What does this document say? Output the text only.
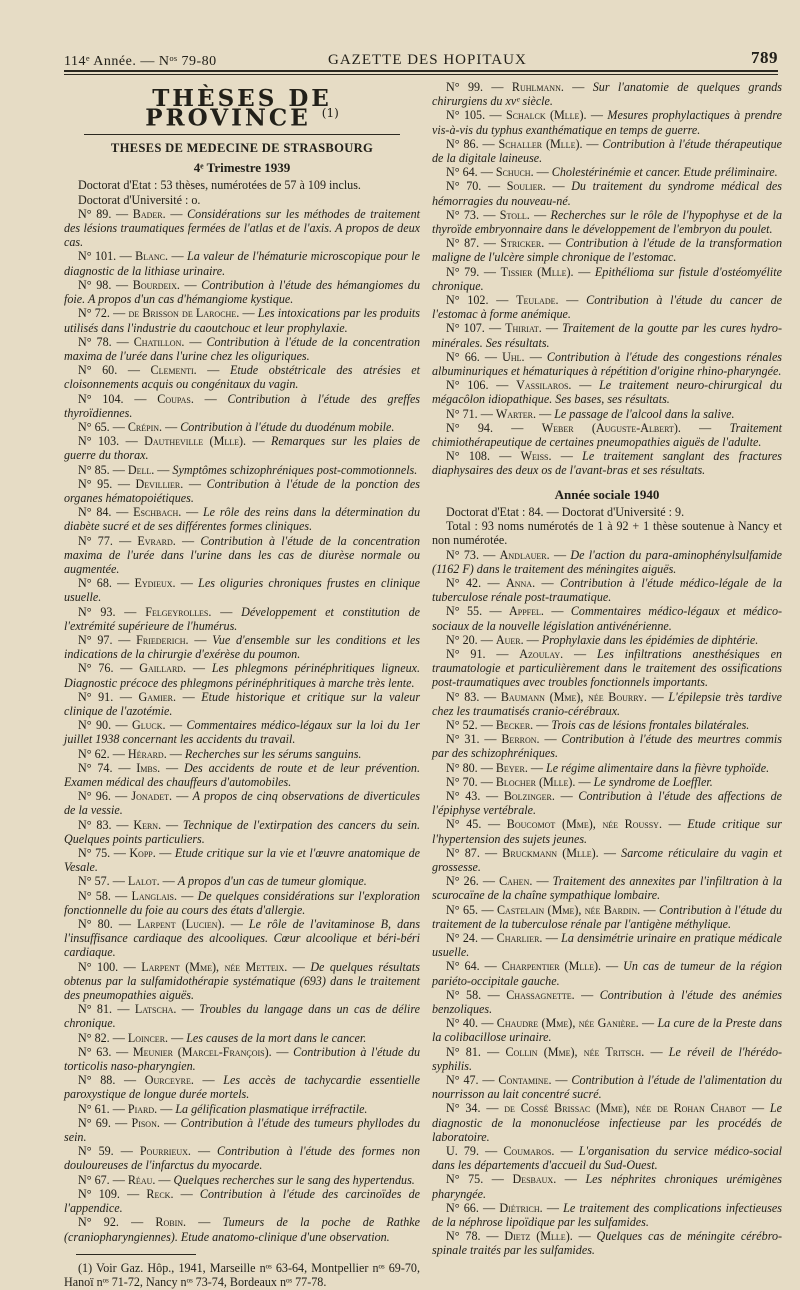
114ᵉ Année. — Nᵒˢ 79-80	GAZETTE DES HOPITAUX	789
THÈSES DE PROVINCE $^{(1)}$
THESES DE MEDECINE DE STRASBOURG
4ᵉ Trimestre 1939

Doctorat d'Etat : 53 thèses, numérotées de 57 à 109 inclus.

Doctorat d'Université : o.

N° 89. — Bader. — Considérations sur les méthodes de traitement des lésions traumatiques fermées de l'atlas et de l'axis. A propos de deux cas.

N° 101. — Blanc. — La valeur de l'hématurie microscopique pour le diagnostic de la lithiase urinaire.

N° 98. — Bourdeix. — Contribution à l'étude des hémangiomes du foie. A propos d'un cas d'hémangiome kystique.

N° 72. — de Brisson de Laroche. — Les intoxications par les produits utilisés dans l'industrie du caoutchouc et leur prophylaxie.

N° 78. — Chatillon. — Contribution à l'étude de la concentration maxima de l'urée dans l'urine chez les oliguriques.

N° 60. — Clementi. — Etude obstétricale des atrésies et cloisonnements acquis ou congénitaux du vagin.

N° 104. — Coupas. — Contribution à l'étude des greffes thyroïdiennes.

N° 65. — Crépin. — Contribution à l'étude du duodénum mobile.

N° 103. — Dautheville (Mlle). — Remarques sur les plaies de guerre du thorax.

N° 85. — Dell. — Symptômes schizophréniques post-commotionnels.

N° 95. — Devillier. — Contribution à l'étude de la ponction des organes hématopoiétiques.

N° 84. — Eschbach. — Le rôle des reins dans la détermination du diabète sucré et de ses différentes formes cliniques.

N° 77. — Evrard. — Contribution à l'étude de la concentration maxima de l'urée dans l'urine dans les cas de diurèse normale ou augmentée.

N° 68. — Eydieux. — Les oliguries chroniques frustes en clinique usuelle.

N° 93. — Felgeyrolles. — Développement et constitution de l'extrémité supérieure de l'humérus.

N° 97. — Friederich. — Vue d'ensemble sur les conditions et les indications de la chirurgie d'exérèse du poumon.

N° 76. — Gaillard. — Les phlegmons périnéphritiques ligneux. Diagnostic précoce des phlegmons périnéphritiques à marche très lente.

N° 91. — Gamier. — Etude historique et critique sur la valeur clinique de l'azotémie.

N° 90. — Gluck. — Commentaires médico-légaux sur la loi du 1er juillet 1938 concernant les accidents du travail.

N° 62. — Hérard. — Recherches sur les sérums sanguins.

N° 74. — Imbs. — Des accidents de route et de leur prévention. Examen médical des chauffeurs d'automobiles.

N° 96. — Jonadet. — A propos de cinq observations de diverticules de la vessie.

N° 83. — Kern. — Technique de l'extirpation des cancers du sein. Quelques points particuliers.

N° 75. — Kopp. — Etude critique sur la vie et l'œuvre anatomique de Vesale.

N° 57. — Lalot. — A propos d'un cas de tumeur glomique.

N° 58. — Langlais. — De quelques considérations sur l'exploration fonctionnelle du foie au cours des états d'allergie.

N° 80. — Larpent (Lucien). — Le rôle de l'avitaminose B, dans l'insuffisance cardiaque des alcooliques. Cœur alcoolique et béri-béri cardiaque.

N° 100. — Larpent (Mme), née Metteix. — De quelques résultats obtenus par la sulfamidothérapie systématique (693) dans le traitement des pneumopathies aiguës.

N° 81. — Latscha. — Troubles du langage dans un cas de délire chronique.

N° 82. — Loincer. — Les causes de la mort dans le cancer.

N° 63. — Meunier (Marcel-François). — Contribution à l'étude du torticolis naso-pharyngien.

N° 88. — Ourceyre. — Les accès de tachycardie essentielle paroxystique de longue durée mortels.

N° 61. — Piard. — La gélification plasmatique irréfractile.

N° 69. — Pison. — Contribution à l'étude des tumeurs phyllodes du sein.

N° 59. — Pourrieux. — Contribution à l'étude des formes non douloureuses de l'infarctus du myocarde.

N° 67. — Réau. — Quelques recherches sur le sang des hypertendus.

N° 109. — Reck. — Contribution à l'étude des carcinoïdes de l'appendice.

N° 92. — Robin. — Tumeurs de la poche de Rathke (craniopharyngiennes). Etude anatomo-clinique d'une observation.

(1) Voir Gaz. Hôp., 1941, Marseille nᵒˢ 63-64, Montpellier nᵒˢ 69-70, Hanoï nᵒˢ 71-72, Nancy nᵒˢ 73-74, Bordeaux nᵒˢ 77-78.

N° 99. — Ruhlmann. — Sur l'anatomie de quelques grands chirurgiens du xvᵉ siècle.

N° 105. — Schalck (Mlle). — Mesures prophylactiques à prendre vis-à-vis du typhus exanthématique en temps de guerre.

N° 86. — Schaller (Mlle). — Contribution à l'étude thérapeutique de la digitale laineuse.

N° 64. — Schuch. — Cholestérinémie et cancer. Etude préliminaire.

N° 70. — Soulier. — Du traitement du syndrome médical des hémorragies du nouveau-né.

N° 73. — Stoll. — Recherches sur le rôle de l'hypophyse et de la thyroïde embryonnaire dans le développement de l'embryon du poulet.

N° 87. — Stricker. — Contribution à l'étude de la transformation maligne de l'ulcère simple chronique de l'estomac.

N° 79. — Tissier (Mlle). — Epithélioma sur fistule d'ostéomyélite chronique.

N° 102. — Teulade. — Contribution à l'étude du cancer de l'estomac à forme anémique.

N° 107. — Thiriat. — Traitement de la goutte par les cures hydro-minérales. Ses résultats.

N° 66. — Uhl. — Contribution à l'étude des congestions rénales albuminuriques et hématuriques à répétition d'origine rhino-pharyngée.

N° 106. — Vassilaros. — Le traitement neuro-chirurgical du mégacôlon idiopathique. Ses bases, ses résultats.

N° 71. — Warter. — Le passage de l'alcool dans la salive.

N° 94. — Weber (Auguste-Albert). — Traitement chimiothérapeutique de certaines pneumopathies aiguës de l'adulte.

N° 108. — Weiss. — Le traitement sanglant des fractures diaphysaires des deux os de l'avant-bras et ses résultats.

Année sociale 1940

Doctorat d'Etat : 84. — Doctorat d'Université : 9.

Total : 93 noms numérotés de 1 à 92 + 1 thèse soutenue à Nancy et non numérotée.

N° 73. — Andlauer. — De l'action du para-aminophénylsulfamide (1162 F) dans le traitement des méningites aiguës.

N° 42. — Anna. — Contribution à l'étude médico-légale de la tuberculose rénale post-traumatique.

N° 55. — Appfel. — Commentaires médico-légaux et médico-sociaux de la nouvelle législation antivénérienne.

N° 20. — Auer. — Prophylaxie dans les épidémies de diphtérie.

N° 91. — Azoulay. — Les infiltrations anesthésiques en traumatologie et particulièrement dans le traitement des ossifications post-traumatiques avec troubles fonctionnels importants.

N° 83. — Baumann (Mme), née Bourry. — L'épilepsie très tardive chez les traumatisés cranio-cérébraux.

N° 52. — Becker. — Trois cas de lésions frontales bilatérales.

N° 31. — Berron. — Contribution à l'étude des meurtres commis par des schizophréniques.

N° 80. — Beyer. — Le régime alimentaire dans la fièvre typhoïde.

N° 70. — Blocher (Mlle). — Le syndrome de Loeffler.

N° 43. — Bolzinger. — Contribution à l'étude des affections de l'épiphyse vertébrale.

N° 45. — Boucomot (Mme), née Roussy. — Etude critique sur l'hypertension des sujets jeunes.

N° 87. — Bruckmann (Mlle). — Sarcome réticulaire du vagin et grossesse.

N° 26. — Cahen. — Traitement des annexites par l'infiltration à la scurocaïne de la chaîne sympathique lombaire.

N° 65. — Castelain (Mme), née Bardin. — Contribution à l'étude du traitement de la tuberculose rénale par l'antigène méthylique.

N° 24. — Charlier. — La densimétrie urinaire en pratique médicale usuelle.

N° 64. — Charpentier (Mlle). — Un cas de tumeur de la région pariéto-occipitale gauche.

N° 58. — Chassagnette. — Contribution à l'étude des anémies benzoliques.

N° 40. — Chaudre (Mme), née Ganière. — La cure de la Preste dans la colibacillose urinaire.

N° 81. — Collin (Mme), née Tritsch. — Le réveil de l'hérédo-syphilis.

N° 47. — Contamine. — Contribution à l'étude de l'alimentation du nourrisson au lait concentré sucré.

N° 34. — de Cossé Brissac (Mme), née de Rohan Chabot — Le diagnostic de la mononucléose infectieuse par les procédés de laboratoire.

U. 79. — Coumaros. — L'organisation du service médico-social dans les départements d'accueil du Sud-Ouest.

N° 75. — Desbaux. — Les néphrites chroniques urémigènes pharyngée.

N° 66. — Diétrich. — Le traitement des complications infectieuses de la néphrose lipoïdique par les sulfamides.

N° 78. — Dietz (Mlle). — Quelques cas de méningite cérébro-spinale traités par les sulfamides.
